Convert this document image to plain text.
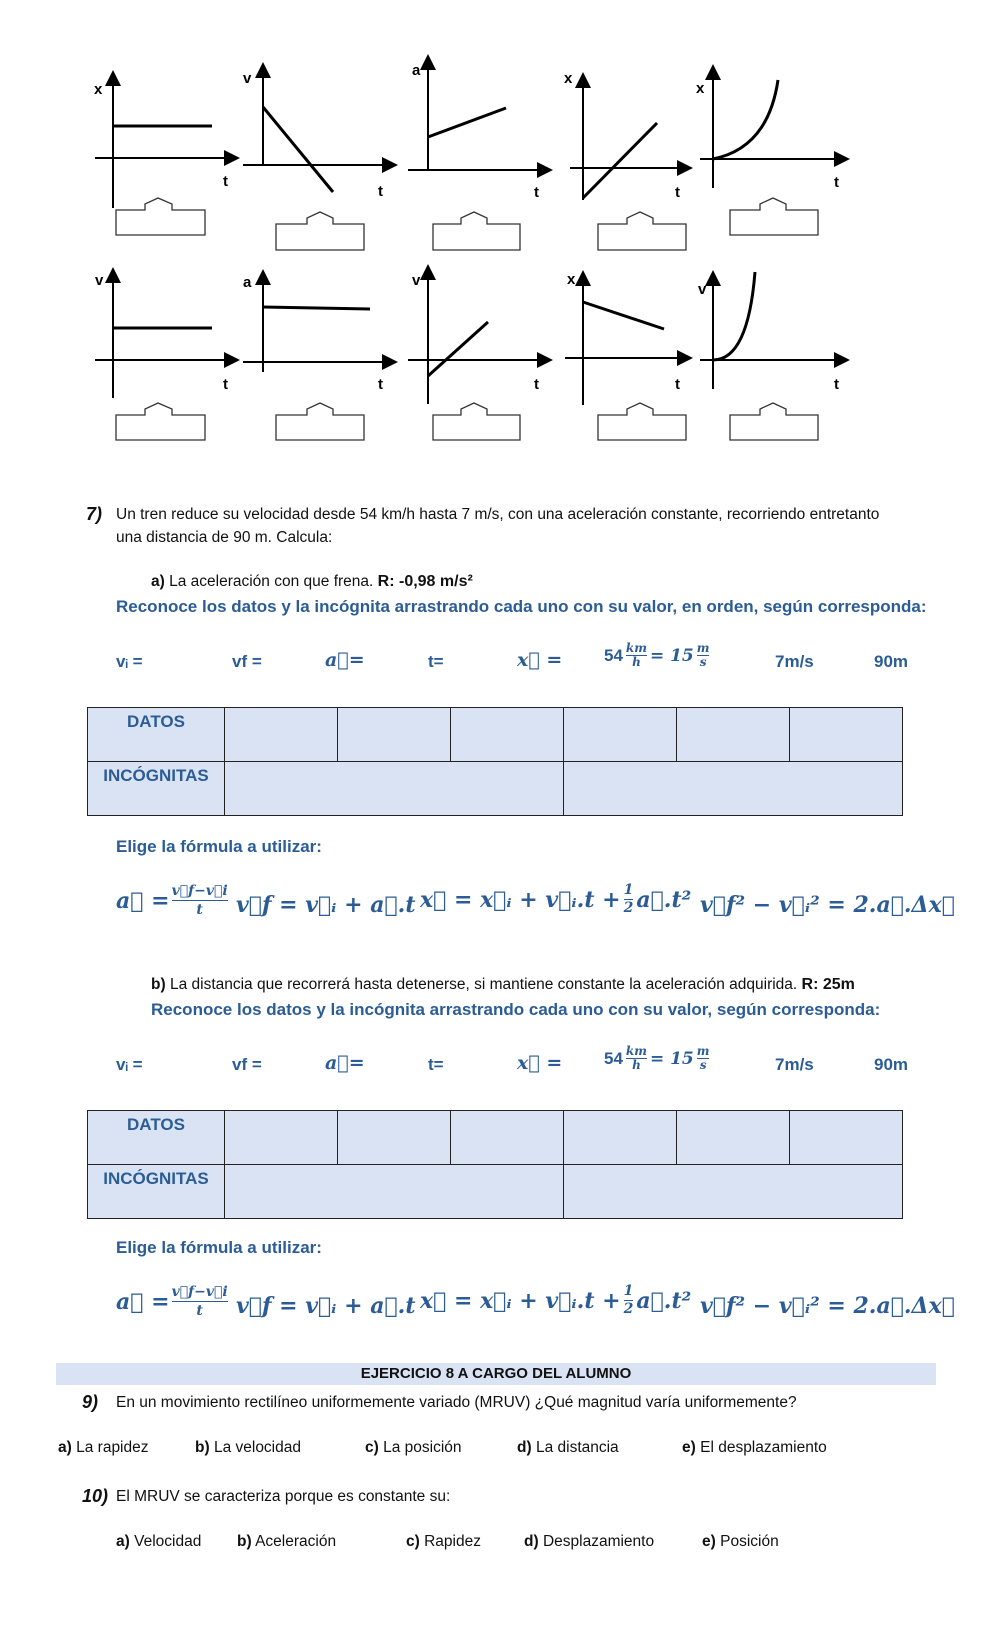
x
v	a	x
x
t
t	t	t
t
v	a	v	x
v
t	t	t	t	t
7) Un tren reduce su velocidad desde 54 km/h hasta 7 m/s, con una aceleración constante, recorriendo entretanto
una distancia de 90 m. Calcula:
a) La aceleración con que frena. R: -0,98 m/s²
Reconoce los datos y la incógnita arrastrando cada uno con su valor, en orden, según corresponda:
vᵢ =	vf =	a⃗=	t=	x⃗ = $54 \frac{km}{h} = 15$ m
s	7m/s	90m
DATOS						
INCÓGNITAS						
Elige la fórmula a utilizar:
a⃗ = $\frac{v⃗f-v⃗i}{t}$ v⃗f = v⃗ᵢ + a⃗.t x⃗ = x⃗ᵢ + v⃗ᵢ.t + $\frac{1}{2}$ a⃗.t² v⃗f² − v⃗ᵢ² = 2.a⃗.Δx⃗
b) La distancia que recorrerá hasta detenerse, si mantiene constante la aceleración adquirida. R: 25m
Reconoce los datos y la incógnita arrastrando cada uno con su valor, según corresponda:
vᵢ =	vf =	a⃗=	t=	x⃗ = $54 \frac{km}{h} = 15$ m
s	7m/s	90m
DATOS						
INCÓGNITAS						
Elige la fórmula a utilizar:
a⃗ = $\frac{v⃗f-v⃗i}{t}$ v⃗f = v⃗ᵢ + a⃗.t x⃗ = x⃗ᵢ + v⃗ᵢ.t + $\frac{1}{2}$ a⃗.t² v⃗f² − v⃗ᵢ² = 2.a⃗.Δx⃗
EJERCICIO 8 A CARGO DEL ALUMNO
9) En un movimiento rectilíneo uniformemente variado (MRUV) ¿Qué magnitud varía uniformemente?
a) La rapidez	b) La velocidad	c) La posición	d) La distancia	e) El desplazamiento
10) El MRUV se caracteriza porque es constante su:
a) Velocidad b) Aceleración	c) Rapidez	d) Desplazamiento	e) Posición
